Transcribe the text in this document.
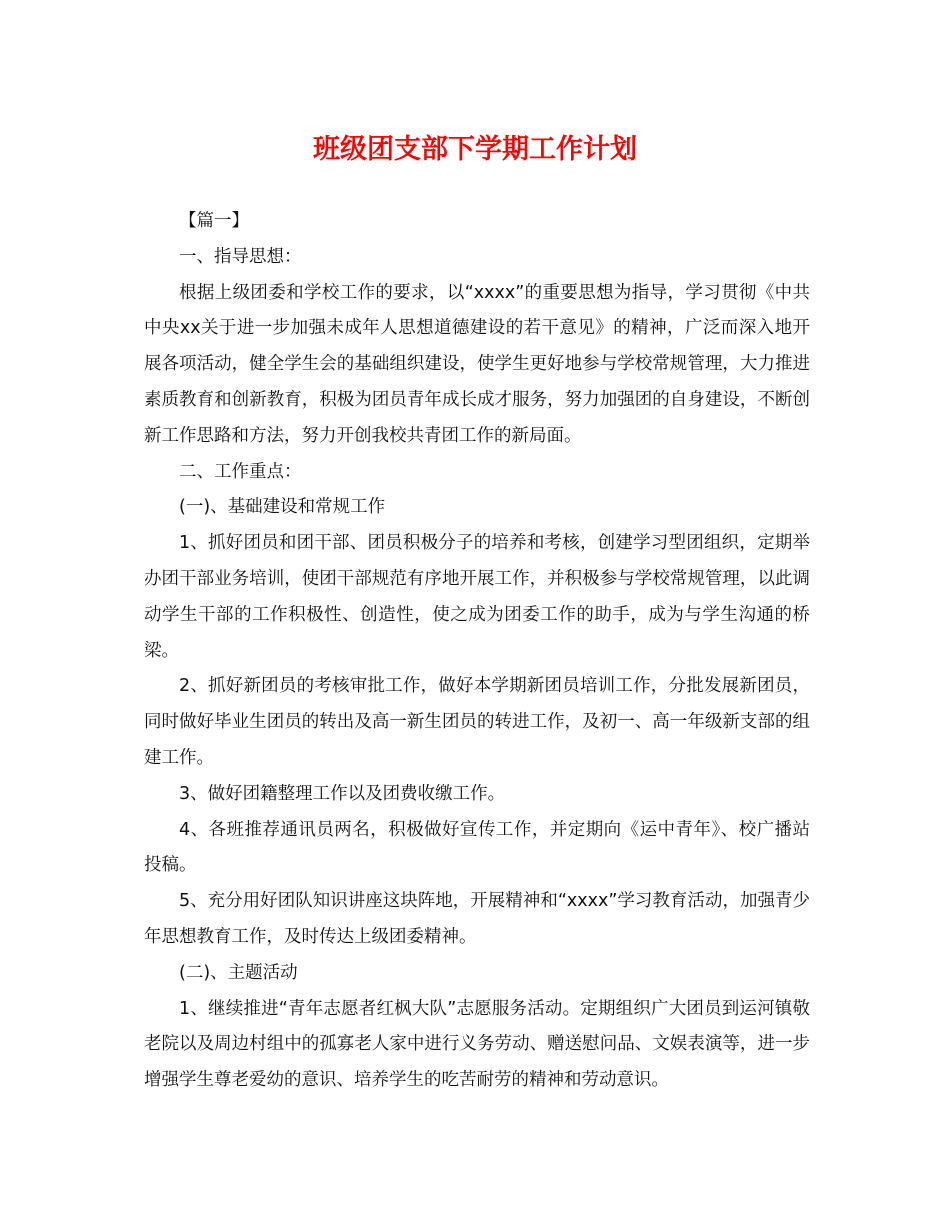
班级团支部下学期工作计划

【篇一】

一、指导思想：

根据上级团委和学校工作的要求，以“xxxx”的重要思想为指导，学习贯彻《中共中央xx关于进一步加强未成年人思想道德建设的若干意见》的精神，广泛而深入地开展各项活动，健全学生会的基础组织建设，使学生更好地参与学校常规管理，大力推进素质教育和创新教育，积极为团员青年成长成才服务，努力加强团的自身建设，不断创新工作思路和方法，努力开创我校共青团工作的新局面。

二、工作重点：

(一)、基础建设和常规工作

1、抓好团员和团干部、团员积极分子的培养和考核，创建学习型团组织，定期举办团干部业务培训，使团干部规范有序地开展工作，并积极参与学校常规管理，以此调动学生干部的工作积极性、创造性，使之成为团委工作的助手，成为与学生沟通的桥梁。

2、抓好新团员的考核审批工作，做好本学期新团员培训工作，分批发展新团员，同时做好毕业生团员的转出及高一新生团员的转进工作，及初一、高一年级新支部的组建工作。

3、做好团籍整理工作以及团费收缴工作。

4、各班推荐通讯员两名，积极做好宣传工作，并定期向《运中青年》、校广播站投稿。

5、充分用好团队知识讲座这块阵地，开展精神和“xxxx”学习教育活动，加强青少年思想教育工作，及时传达上级团委精神。

(二)、主题活动

1、继续推进“青年志愿者红枫大队”志愿服务活动。定期组织广大团员到运河镇敬老院以及周边村组中的孤寡老人家中进行义务劳动、赠送慰问品、文娱表演等，进一步增强学生尊老爱幼的意识、培养学生的吃苦耐劳的精神和劳动意识。
